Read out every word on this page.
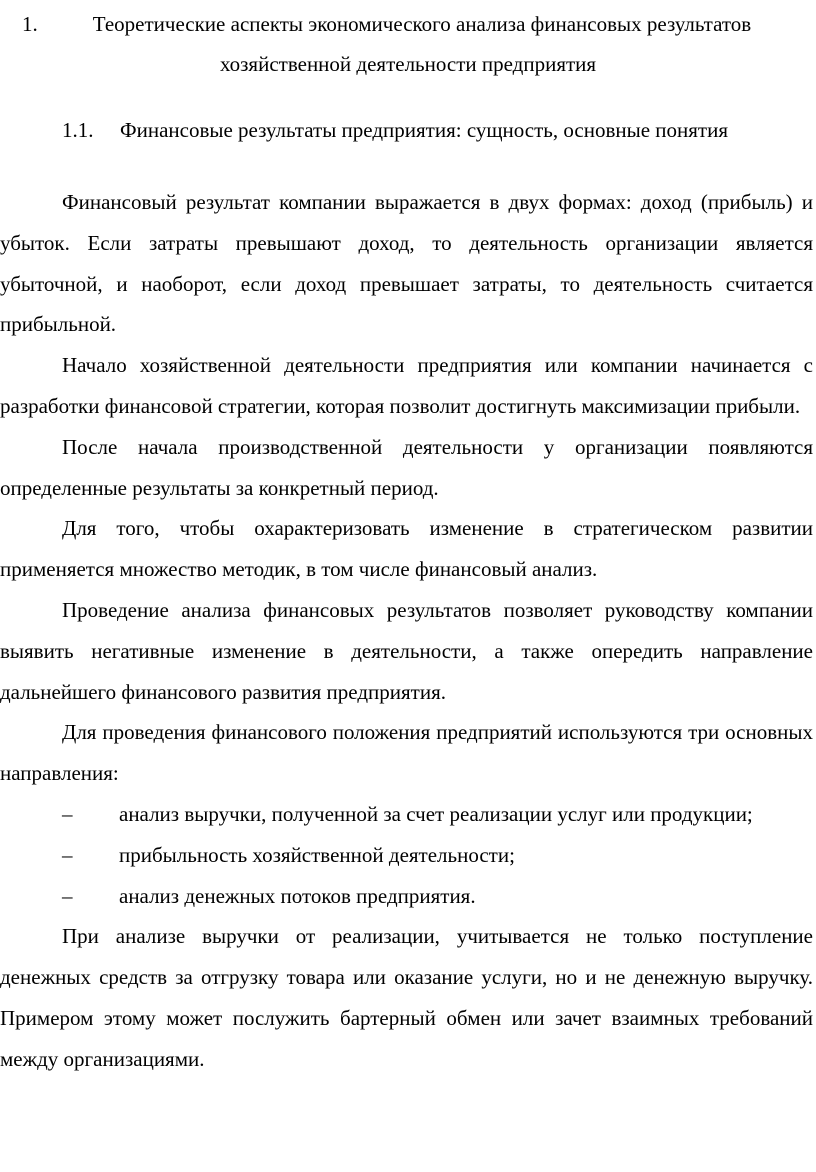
1.	Теоретические аспекты экономического анализа финансовых результатов
хозяйственной деятельности предприятия
1.1. Финансовые результаты предприятия: сущность, основные понятия

Финансовый результат компании выражается в двух формах: доход (прибыль) и убыток. Если затраты превышают доход, то деятельность организации является убыточной, и наоборот, если доход превышает затраты, то деятельность считается прибыльной.

Начало хозяйственной деятельности предприятия или компании начинается с разработки финансовой стратегии, которая позволит достигнуть максимизации прибыли.

После начала производственной деятельности у организации появляются определенные результаты за конкретный период.

Для того, чтобы охарактеризовать изменение в стратегическом развитии применяется множество методик, в том числе финансовый анализ.

Проведение анализа финансовых результатов позволяет руководству компании выявить негативные изменение в деятельности, а также опередить направление дальнейшего финансового развития предприятия.

Для проведения финансового положения предприятий используются три основных направления:

– анализ выручки, полученной за счет реализации услуг или продукции;

– прибыльность хозяйственной деятельности;

– анализ денежных потоков предприятия.

При анализе выручки от реализации, учитывается не только поступление денежных средств за отгрузку товара или оказание услуги, но и не денежную выручку. Примером этому может послужить бартерный обмен или зачет взаимных требований между организациями.
